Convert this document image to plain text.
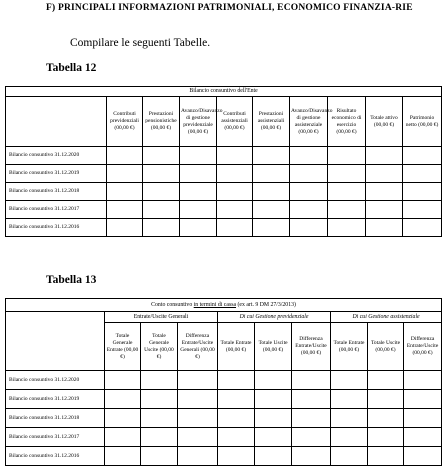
F) PRINCIPALI INFORMAZIONI PATRIMONIALI, ECONOMICO FINANZIA-RIE
Compilare le seguenti Tabelle.
Tabella 12
Bilancio consuntivo dell'Ente									
	Contributi previdenziali (00,00 €)	Prestazioni pensionistiche (00,00 €)	Avanzo/Disavanzo di gestione previdenziale (00,00 €)	Contributi assistenziali (00,00 €)	Prestazioni assistenziali (00,00 €)	Avanzo/Disavanzo di gestione assistenziale (00,00 €)	Risultato economico di esercizio (00,00 €)	Totale attivo (00,00 €)	Patrimonio netto (00,00 €)
Bilancio consuntivo 31.12.2020									
Bilancio consuntivo 31.12.2019									
Bilancio consuntivo 31.12.2018									
Bilancio consuntivo 31.12.2017									
Bilancio consuntivo 31.12.2016									
Tabella 13
Conto consuntivo in termini di cassa (ex art. 9 DM 27/3/2013)									
	Entrate/Uscite Generali			Di cui Gestione previdenziale			Di cui Gestione assistenziale		
	Totale Generale Entrate (00,00 €)	Totale Generale Uscite (00,00 €)	Differenza Entrate/Uscite Generali (00,00 €)	Totale Entrate (00,00 €)	Totale Uscite (00,00 €)	Differenza Entrate/Uscite (00,00 €)	Totale Entrate (00,00 €)	Totale Uscite (00,00 €)	Differenza Entrate/Uscite (00,00 €)
Bilancio consuntivo 31.12.2020									
Bilancio consuntivo 31.12.2019									
Bilancio consuntivo 31.12.2018									
Bilancio consuntivo 31.12.2017									
Bilancio consuntivo 31.12.2016									
